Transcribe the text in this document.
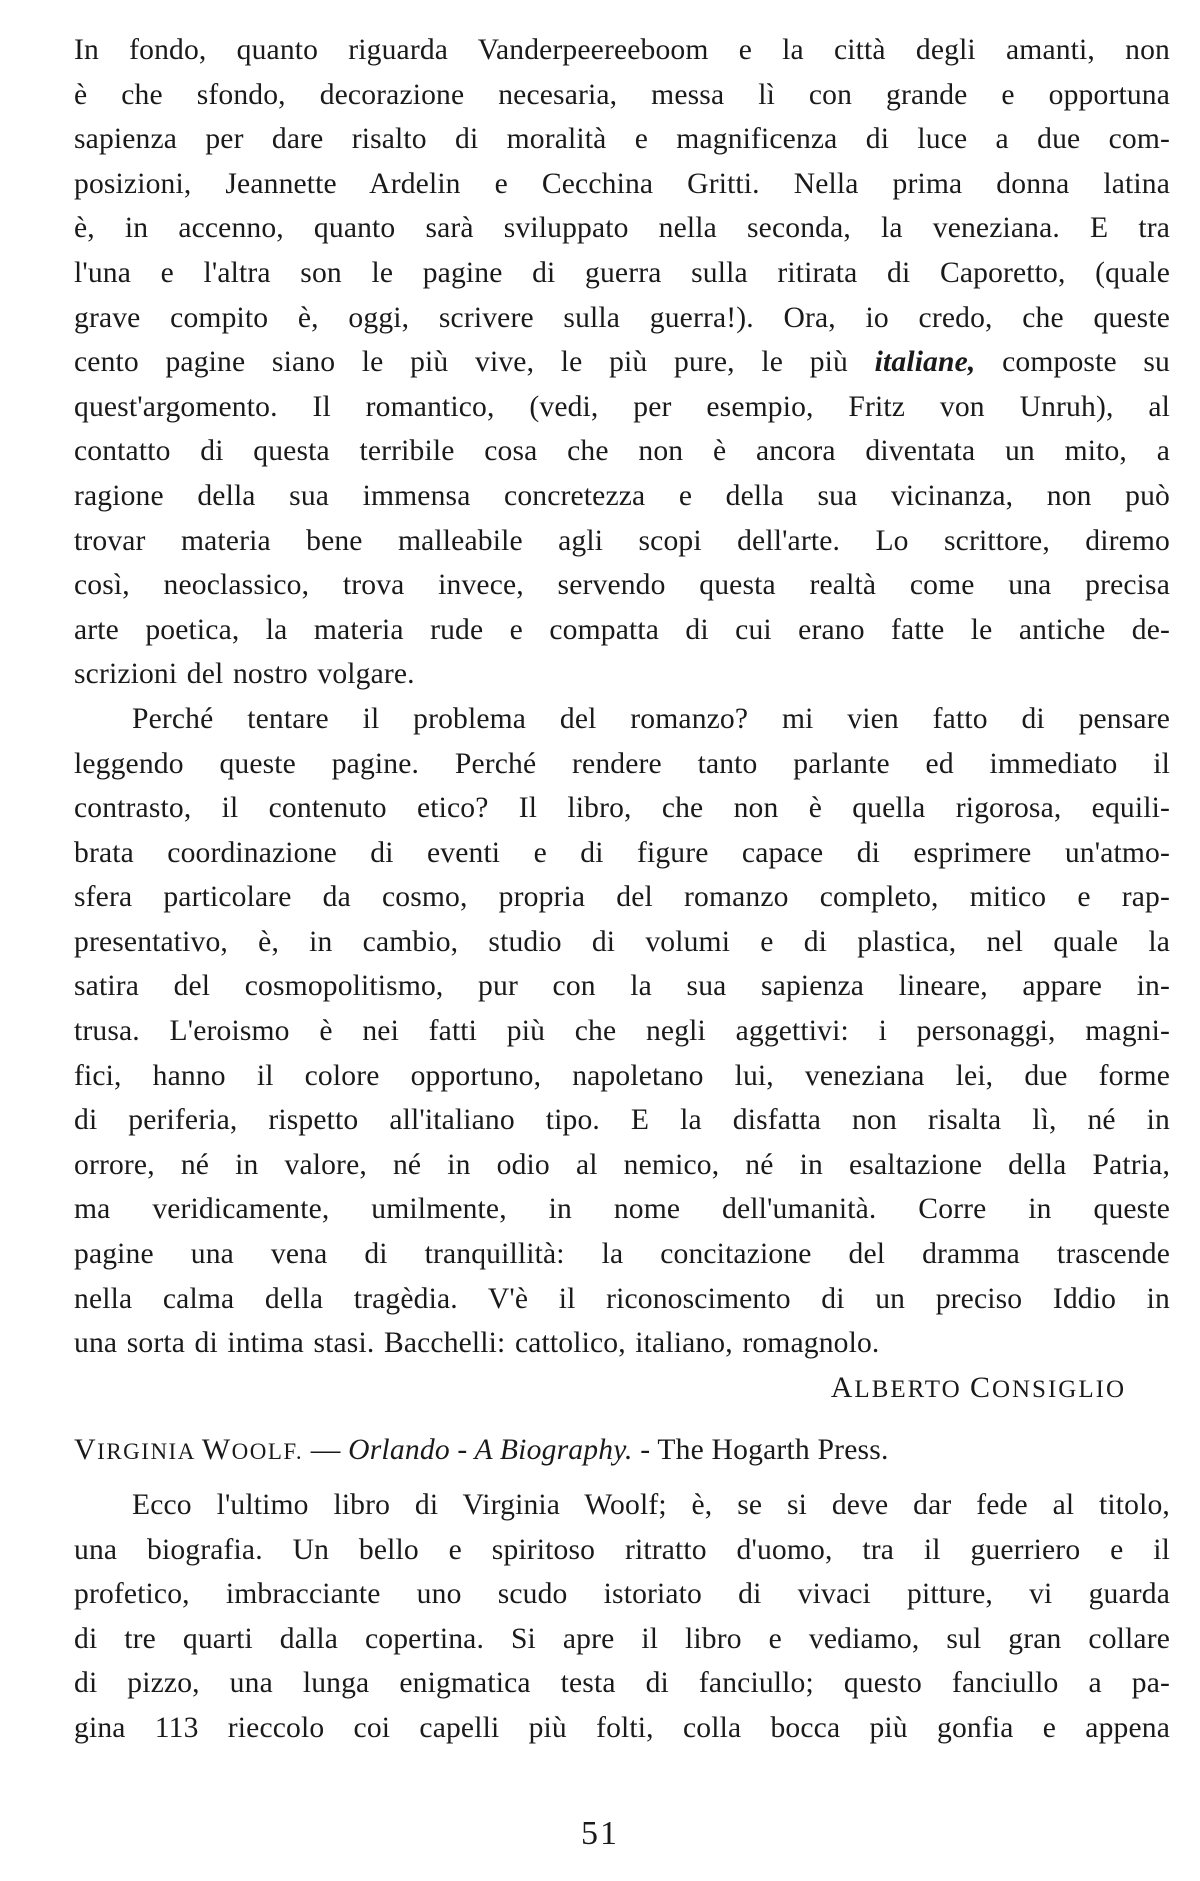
In fondo, quanto riguarda Vanderpeereeboom e la città degli amanti, non
è che sfondo, decorazione necesaria, messa lì con grande e opportuna
sapienza per dare risalto di moralità e magnificenza di luce a due com-
posizioni, Jeannette Ardelin e Cecchina Gritti. Nella prima donna latina
è, in accenno, quanto sarà sviluppato nella seconda, la veneziana. E tra
l'una e l'altra son le pagine di guerra sulla ritirata di Caporetto, (quale
grave compito è, oggi, scrivere sulla guerra!). Ora, io credo, che queste
cento pagine siano le più vive, le più pure, le più italiane, composte su
quest'argomento. Il romantico, (vedi, per esempio, Fritz von Unruh), al
contatto di questa terribile cosa che non è ancora diventata un mito, a
ragione della sua immensa concretezza e della sua vicinanza, non può
trovar materia bene malleabile agli scopi dell'arte. Lo scrittore, diremo
così, neoclassico, trova invece, servendo questa realtà come una precisa
arte poetica, la materia rude e compatta di cui erano fatte le antiche de-
scrizioni del nostro volgare.
Perché tentare il problema del romanzo? mi vien fatto di pensare
leggendo queste pagine. Perché rendere tanto parlante ed immediato il
contrasto, il contenuto etico? Il libro, che non è quella rigorosa, equili-
brata coordinazione di eventi e di figure capace di esprimere un'atmo-
sfera particolare da cosmo, propria del romanzo completo, mitico e rap-
presentativo, è, in cambio, studio di volumi e di plastica, nel quale la
satira del cosmopolitismo, pur con la sua sapienza lineare, appare in-
trusa. L'eroismo è nei fatti più che negli aggettivi: i personaggi, magni-
fici, hanno il colore opportuno, napoletano lui, veneziana lei, due forme
di periferia, rispetto all'italiano tipo. E la disfatta non risalta lì, né in
orrore, né in valore, né in odio al nemico, né in esaltazione della Patria,
ma veridicamente, umilmente, in nome dell'umanità. Corre in queste
pagine una vena di tranquillità: la concitazione del dramma trascende
nella calma della tragèdia. V'è il riconoscimento di un preciso Iddio in
una sorta di intima stasi. Bacchelli: cattolico, italiano, romagnolo.
ALBERTO CONSIGLIO
VIRGINIA WOOLF. — Orlando - A Biography. - The Hogarth Press.
Ecco l'ultimo libro di Virginia Woolf; è, se si deve dar fede al titolo,
una biografia. Un bello e spiritoso ritratto d'uomo, tra il guerriero e il
profetico, imbracciante uno scudo istoriato di vivaci pitture, vi guarda
di tre quarti dalla copertina. Si apre il libro e vediamo, sul gran collare
di pizzo, una lunga enigmatica testa di fanciullo; questo fanciullo a pa-
gina 113 rieccolo coi capelli più folti, colla bocca più gonfia e appena
51
